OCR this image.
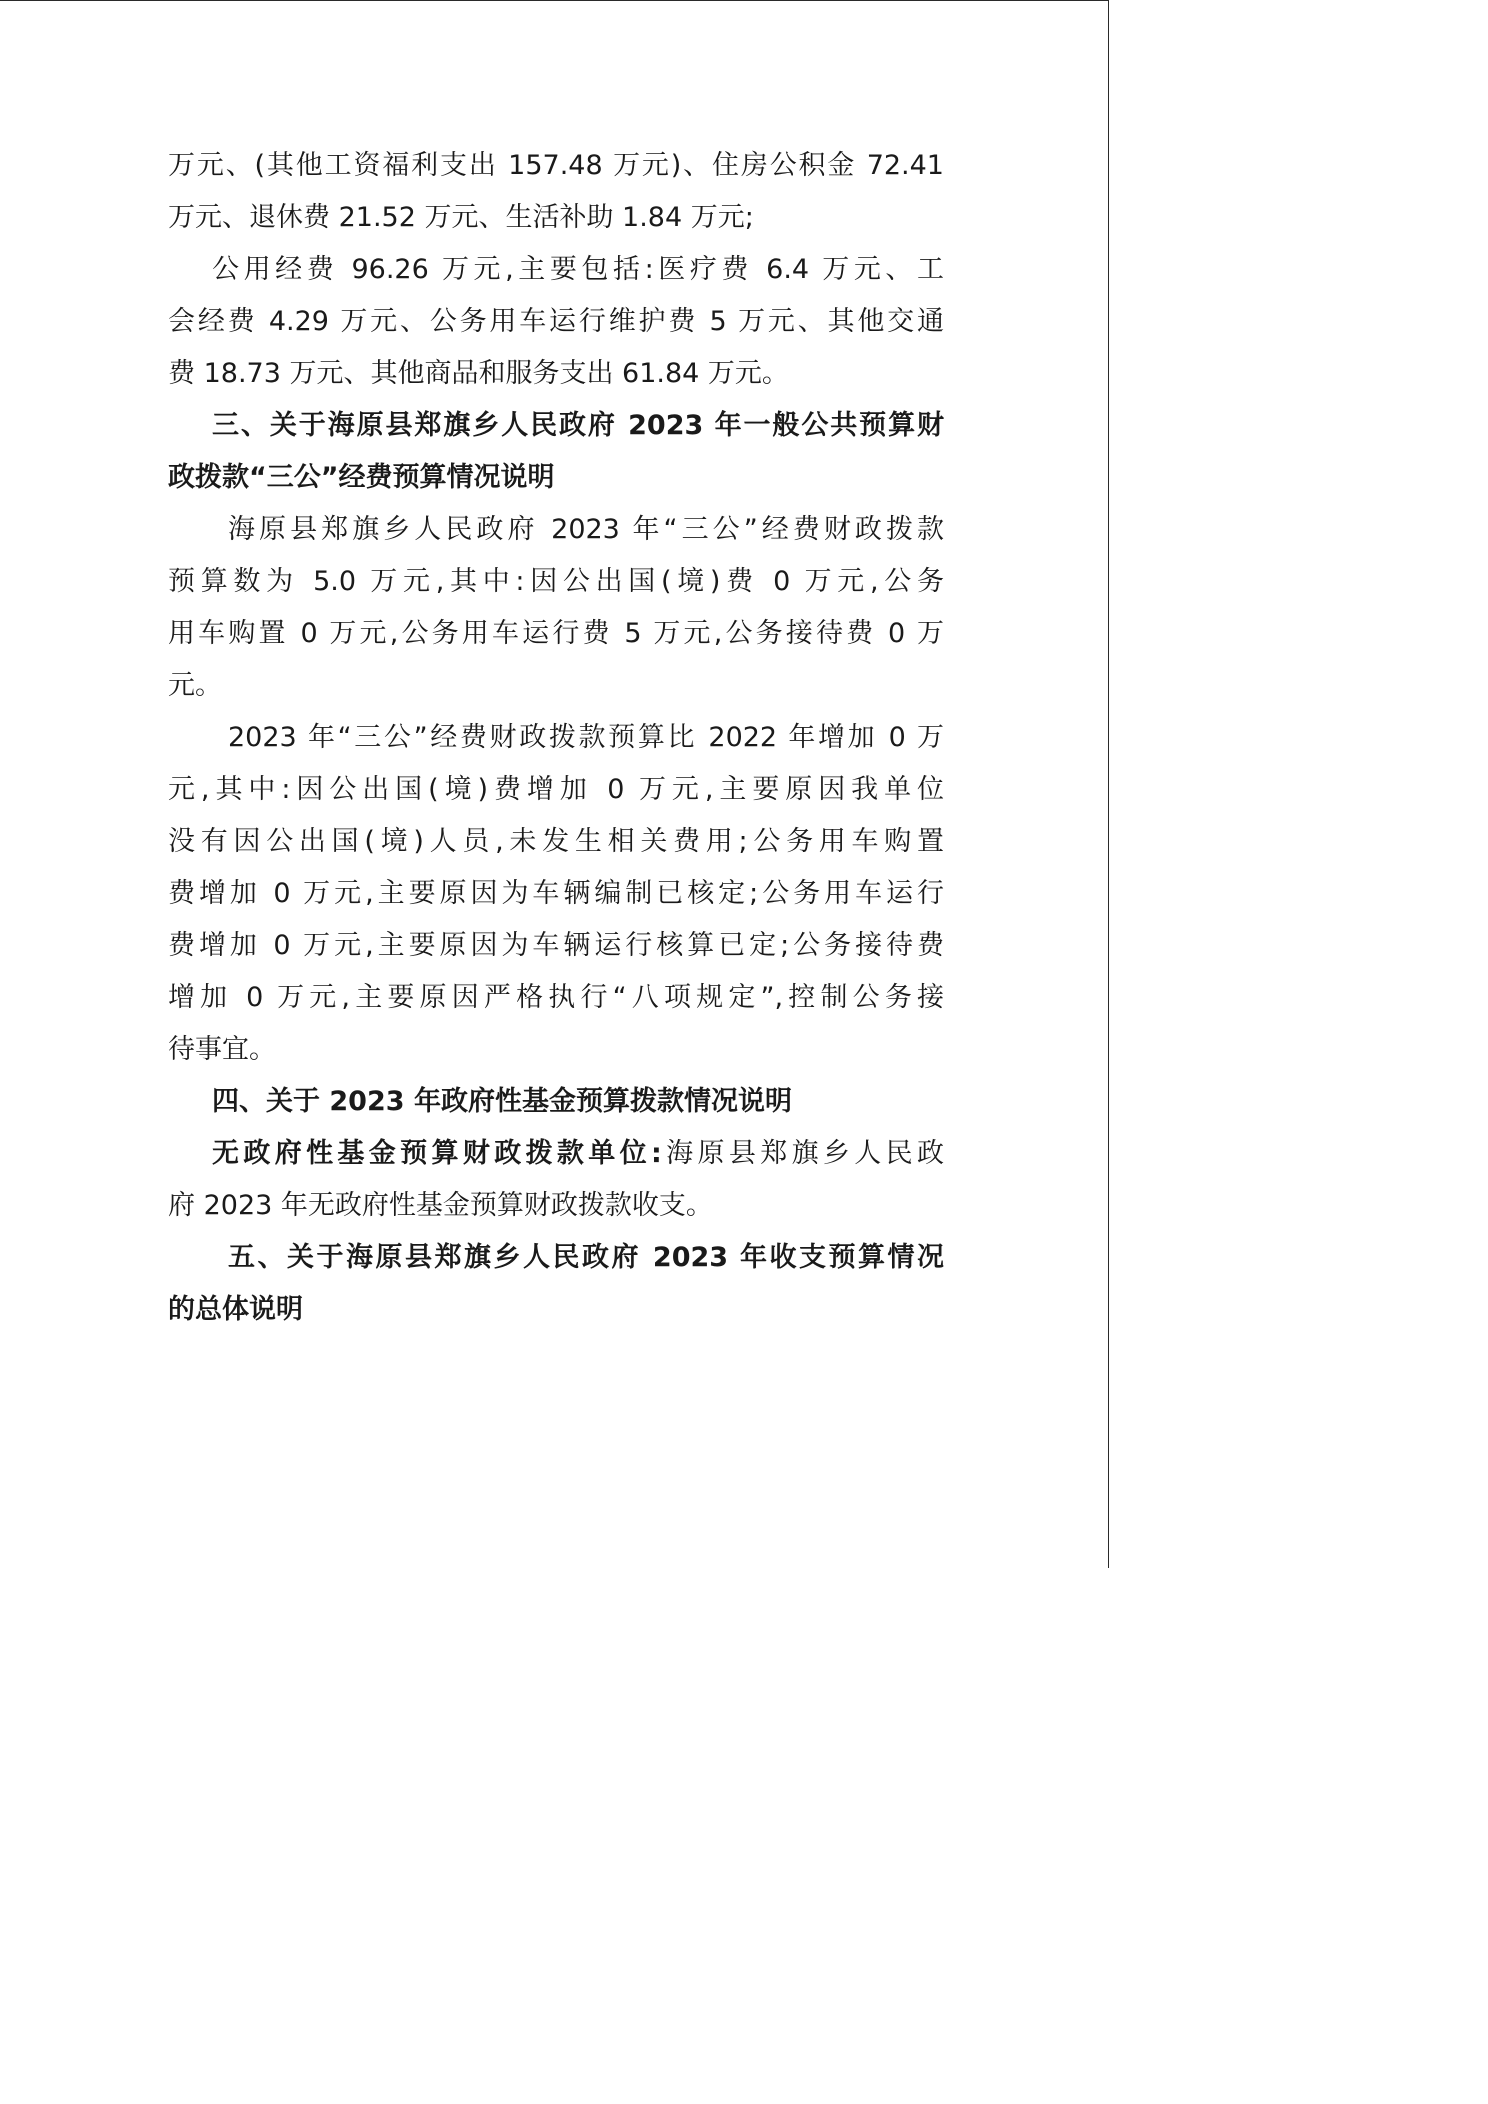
万元、(其他工资福利支出 157.48 万元)、住房公积金 72.41
万元、退休费 21.52 万元、生活补助 1.84 万元;
公用经费 96.26 万元,主要包括:医疗费 6.4 万元、工
会经费 4.29 万元、公务用车运行维护费 5 万元、其他交通
费 18.73 万元、其他商品和服务支出 61.84 万元。
三、关于海原县郑旗乡人民政府 2023 年一般公共预算财
政拨款“三公”经费预算情况说明
海原县郑旗乡人民政府 2023 年“三公”经费财政拨款
预算数为 5.0 万元,其中:因公出国(境)费 0 万元,公务
用车购置 0 万元,公务用车运行费 5 万元,公务接待费 0 万
元。
2023 年“三公”经费财政拨款预算比 2022 年增加 0 万
元,其中:因公出国(境)费增加 0 万元,主要原因我单位
没有因公出国(境)人员,未发生相关费用;公务用车购置
费增加 0 万元,主要原因为车辆编制已核定;公务用车运行
费增加 0 万元,主要原因为车辆运行核算已定;公务接待费
增加 0 万元,主要原因严格执行“八项规定”,控制公务接
待事宜。
四、关于 2023 年政府性基金预算拨款情况说明
无政府性基金预算财政拨款单位:海原县郑旗乡人民政
府 2023 年无政府性基金预算财政拨款收支。
五、关于海原县郑旗乡人民政府 2023 年收支预算情况
的总体说明
